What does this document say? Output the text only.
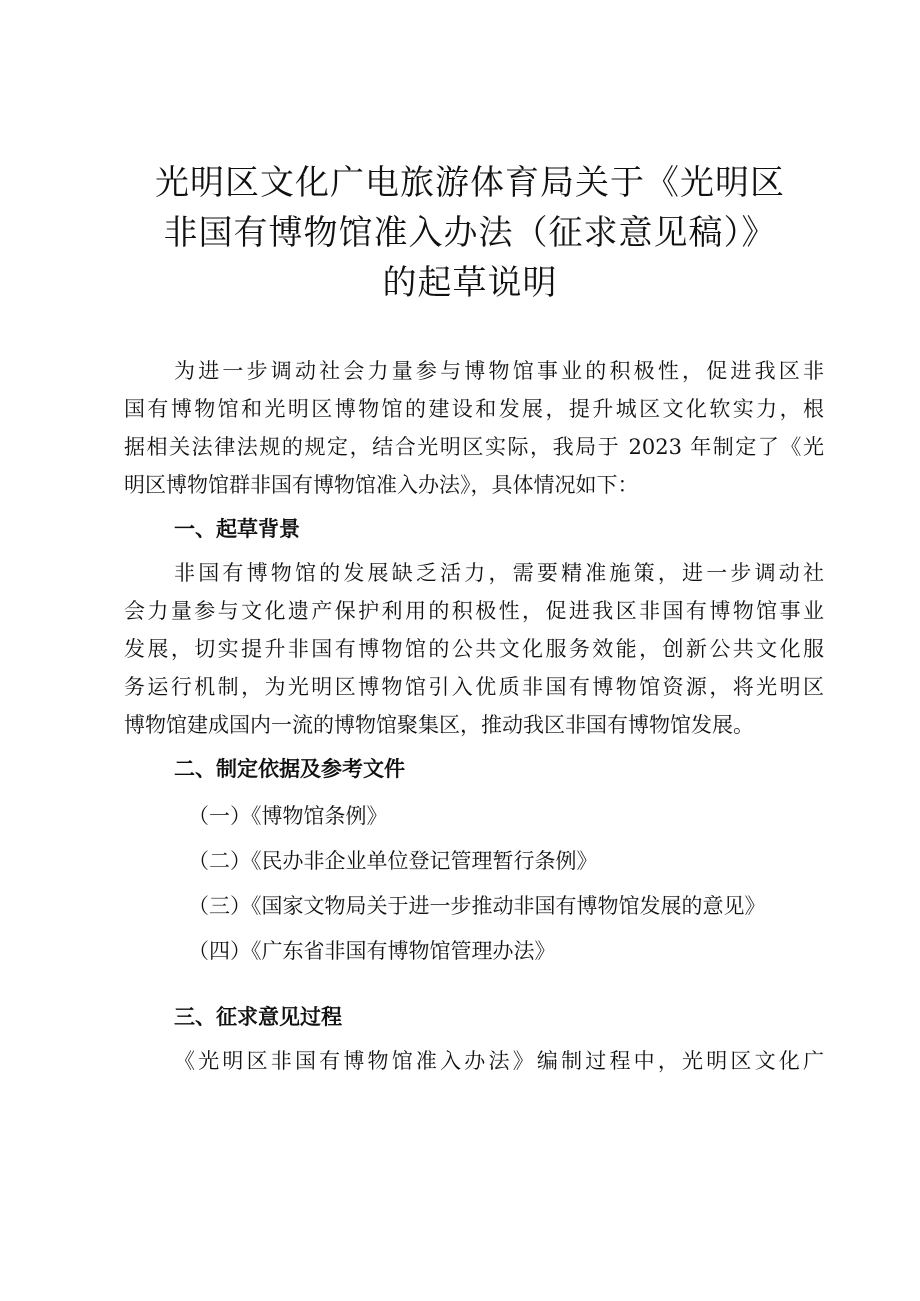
光明区文化广电旅游体育局关于《光明区
非国有博物馆准入办法（征求意见稿）》
的起草说明
为进一步调动社会力量参与博物馆事业的积极性，促进我区非
国有博物馆和光明区博物馆的建设和发展，提升城区文化软实力，根
据相关法律法规的规定，结合光明区实际，我局于 2023 年制定了《光
明区博物馆群非国有博物馆准入办法》，具体情况如下：
一、起草背景
非国有博物馆的发展缺乏活力，需要精准施策，进一步调动社
会力量参与文化遗产保护利用的积极性，促进我区非国有博物馆事业
发展，切实提升非国有博物馆的公共文化服务效能，创新公共文化服
务运行机制，为光明区博物馆引入优质非国有博物馆资源，将光明区
博物馆建成国内一流的博物馆聚集区，推动我区非国有博物馆发展。
二、制定依据及参考文件
（一）《博物馆条例》
（二）《民办非企业单位登记管理暂行条例》
（三）《国家文物局关于进一步推动非国有博物馆发展的意见》
（四）《广东省非国有博物馆管理办法》
三、征求意见过程
《光明区非国有博物馆准入办法》编制过程中，光明区文化广
